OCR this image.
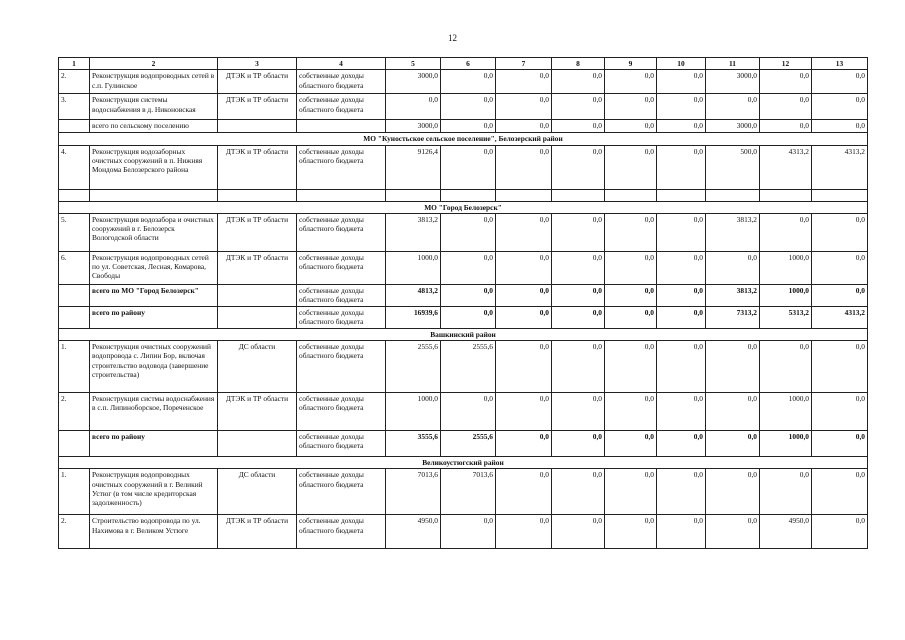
12
1	2	3	4	5	6	7	8	9	10	11	12	13
2.	Реконструкция водопроводных сетей в с.п. Гулинское	ДТЭК и ТР области	собственные доходы областного бюджета	3000,0	0,0	0,0	0,0	0,0	0,0	3000,0	0,0	0,0
3.	Реконструкция системы водоснабжения в д. Никоновская	ДТЭК и ТР области	собственные доходы областного бюджета	0,0	0,0	0,0	0,0	0,0	0,0	0,0	0,0	0,0
	всего по сельскому поселению			3000,0	0,0	0,0	0,0	0,0	0,0	3000,0	0,0	0,0
МО "Куностьское сельское поселение", Белозерский район												
4.	Реконструкция водозаборных очистных сооружений в п. Нижняя Мондома Белозерского района	ДТЭК и ТР области	собственные доходы областного бюджета	9126,4	0,0	0,0	0,0	0,0	0,0	500,0	4313,2	4313,2

МО "Город Белозерск"												
5.	Реконструкция водозабора и очистных сооружений в г. Белозерск Вологодской области	ДТЭК и ТР области	собственные доходы областного бюджета	3813,2	0,0	0,0	0,0	0,0	0,0	3813,2	0,0	0,0
6.	Реконструкция водопроводных сетей по ул. Советская, Лесная, Комарова, Свободы	ДТЭК и ТР области	собственные доходы областного бюджета	1000,0	0,0	0,0	0,0	0,0	0,0	0,0	1000,0	0,0
	всего по МО "Город Белозерск"		собственные доходы областного бюджета	4813,2	0,0	0,0	0,0	0,0	0,0	3813,2	1000,0	0,0
	всего по району		собственные доходы областного бюджета	16939,6	0,0	0,0	0,0	0,0	0,0	7313,2	5313,2	4313,2
Вашкинский район												
1.	Реконструкция очистных сооружений водопровода с. Липин Бор, включая строительство водовода (завершение строительства)	ДС области	собственные доходы областного бюджета	2555,6	2555,6	0,0	0,0	0,0	0,0	0,0	0,0	0,0
2.	Реконструкция систмы водоснабжения в с.п. Липиноборское, Пореченское	ДТЭК и ТР области	собственные доходы областного бюджета	1000,0	0,0	0,0	0,0	0,0	0,0	0,0	1000,0	0,0
	всего по району		собственные доходы областного бюджета	3555,6	2555,6	0,0	0,0	0,0	0,0	0,0	1000,0	0,0
Великоустюгский район												
1.	Реконструкция водопроводных очистных сооружений в г. Великий Устюг (в том числе кредиторская задолженность)	ДС области	собственные доходы областного бюджета	7013,6	7013,6	0,0	0,0	0,0	0,0	0,0	0,0	0,0
2.	Строительство водопровода по ул. Нахимова в г. Великом Устюге	ДТЭК и ТР области	собственные доходы областного бюджета	4950,0	0,0	0,0	0,0	0,0	0,0	0,0	4950,0	0,0
